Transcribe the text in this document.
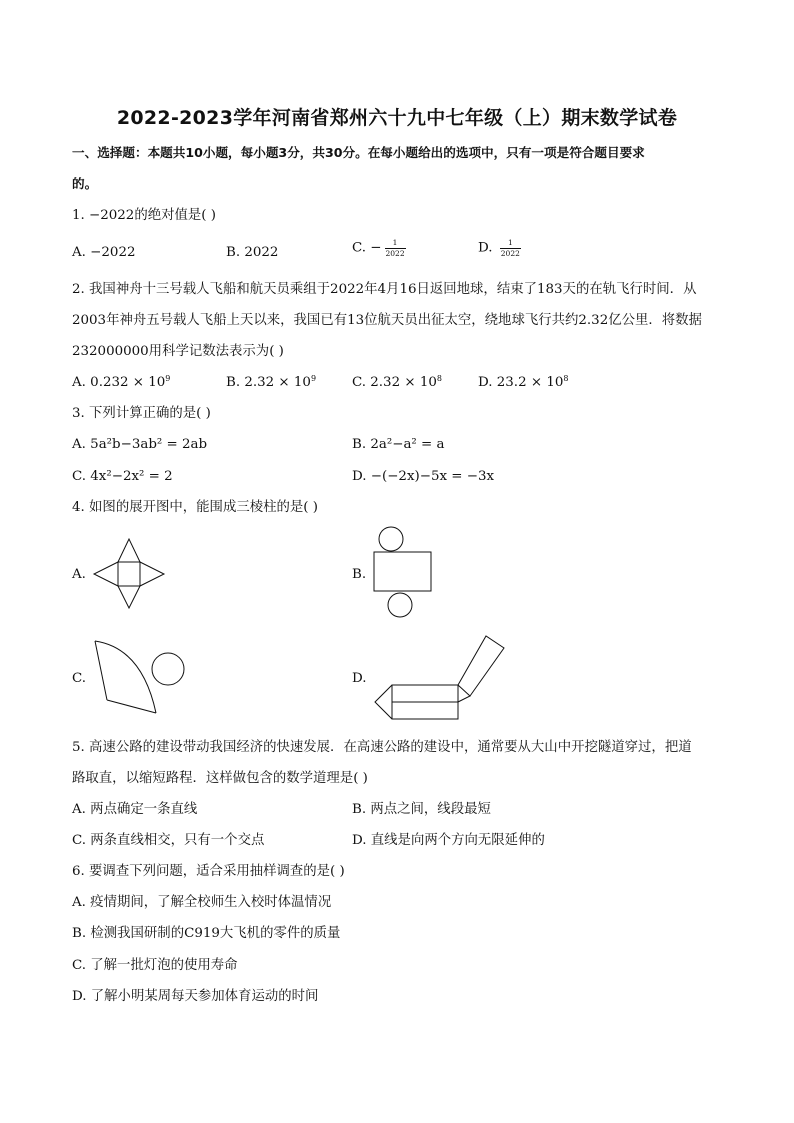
2022-2023学年河南省郑州六十九中七年级（上）期末数学试卷
一、选择题：本题共10小题，每小题3分，共30分。在每小题给出的选项中，只有一项是符合题目要求
的。
1. −2022的绝对值是( )
A. −2022	B. 2022	C. − $\frac{1}{2022}$	D. $\frac{1}{2022}$
2. 我国神舟十三号载人飞船和航天员乘组于2022年4月16日返回地球，结束了183天的在轨飞行时间．从
2003年神舟五号载人飞船上天以来，我国已有13位航天员出征太空，绕地球飞行共约2.32亿公里．将数据
232000000用科学记数法表示为( )
A. $0.232 \times 10^9$	B. $2.32 \times 10^9$	C. $2.32 \times 10^8$	D. $23.2 \times 10^8$
3. 下列计算正确的是( )
A. 5a²b−3ab² = 2ab	B. 2a²−a² = a
C. 4x²−2x² = 2	D. −(−2x)−5x = −3x
4. 如图的展开图中，能围成三棱柱的是( )
A.	B.
C.	D.
5. 高速公路的建设带动我国经济的快速发展．在高速公路的建设中，通常要从大山中开挖隧道穿过，把道
路取直，以缩短路程．这样做包含的数学道理是( )
A. 两点确定一条直线	B. 两点之间，线段最短
C. 两条直线相交，只有一个交点	D. 直线是向两个方向无限延伸的
6. 要调查下列问题，适合采用抽样调查的是( )
A. 疫情期间，了解全校师生入校时体温情况
B. 检测我国研制的C919大飞机的零件的质量
C. 了解一批灯泡的使用寿命
D. 了解小明某周每天参加体育运动的时间
